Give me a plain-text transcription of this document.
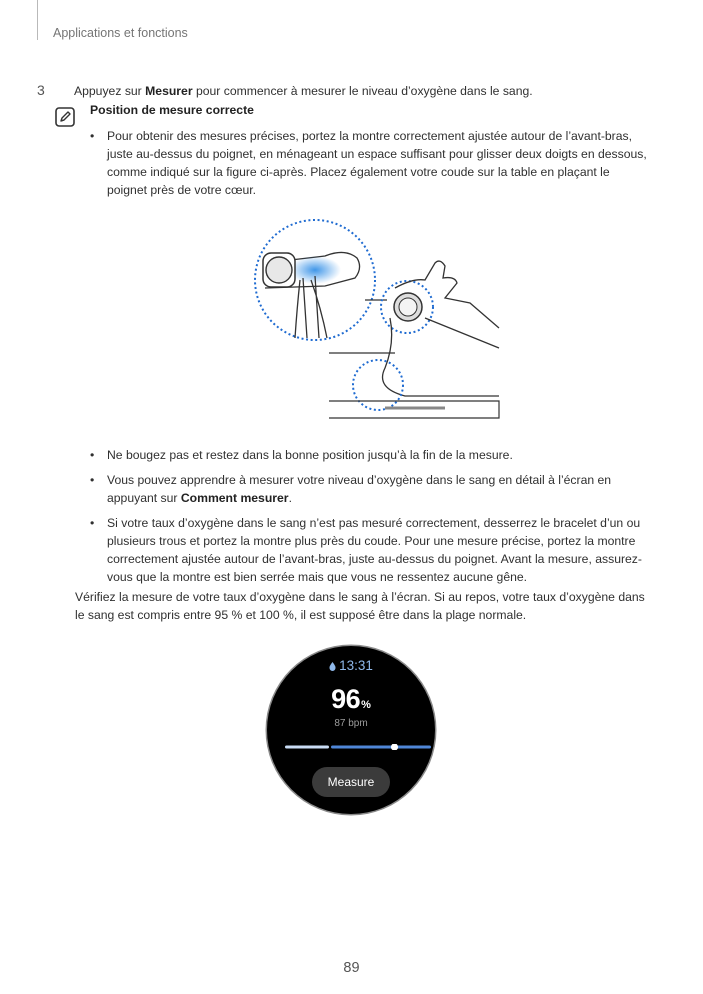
Applications et fonctions
3 Appuyez sur Mesurer pour commencer à mesurer le niveau d’oxygène dans le sang.
Position de mesure correcte
• Pour obtenir des mesures précises, portez la montre correctement ajustée autour de l’avant-bras, juste au-dessus du poignet, en ménageant un espace suffisant pour glisser deux doigts en dessous, comme indiqué sur la figure ci-après. Placez également votre coude sur la table en plaçant le poignet près de votre cœur.
• Ne bougez pas et restez dans la bonne position jusqu’à la fin de la mesure.
• Vous pouvez apprendre à mesurer votre niveau d’oxygène dans le sang en détail à l’écran en appuyant sur Comment mesurer.
• Si votre taux d’oxygène dans le sang n’est pas mesuré correctement, desserrez le bracelet d’un ou plusieurs trous et portez la montre plus près du coude. Pour une mesure précise, portez la montre correctement ajustée autour de l’avant-bras, juste au-dessus du poignet. Avant la mesure, assurez-vous que la montre est bien serrée mais que vous ne ressentez aucune gêne.
Vérifiez la mesure de votre taux d’oxygène dans le sang à l’écran. Si au repos, votre taux d’oxygène dans le sang est compris entre 95 % et 100 %, il est supposé être dans la plage normale.
13:31
96%
87 bpm
Measure
89
